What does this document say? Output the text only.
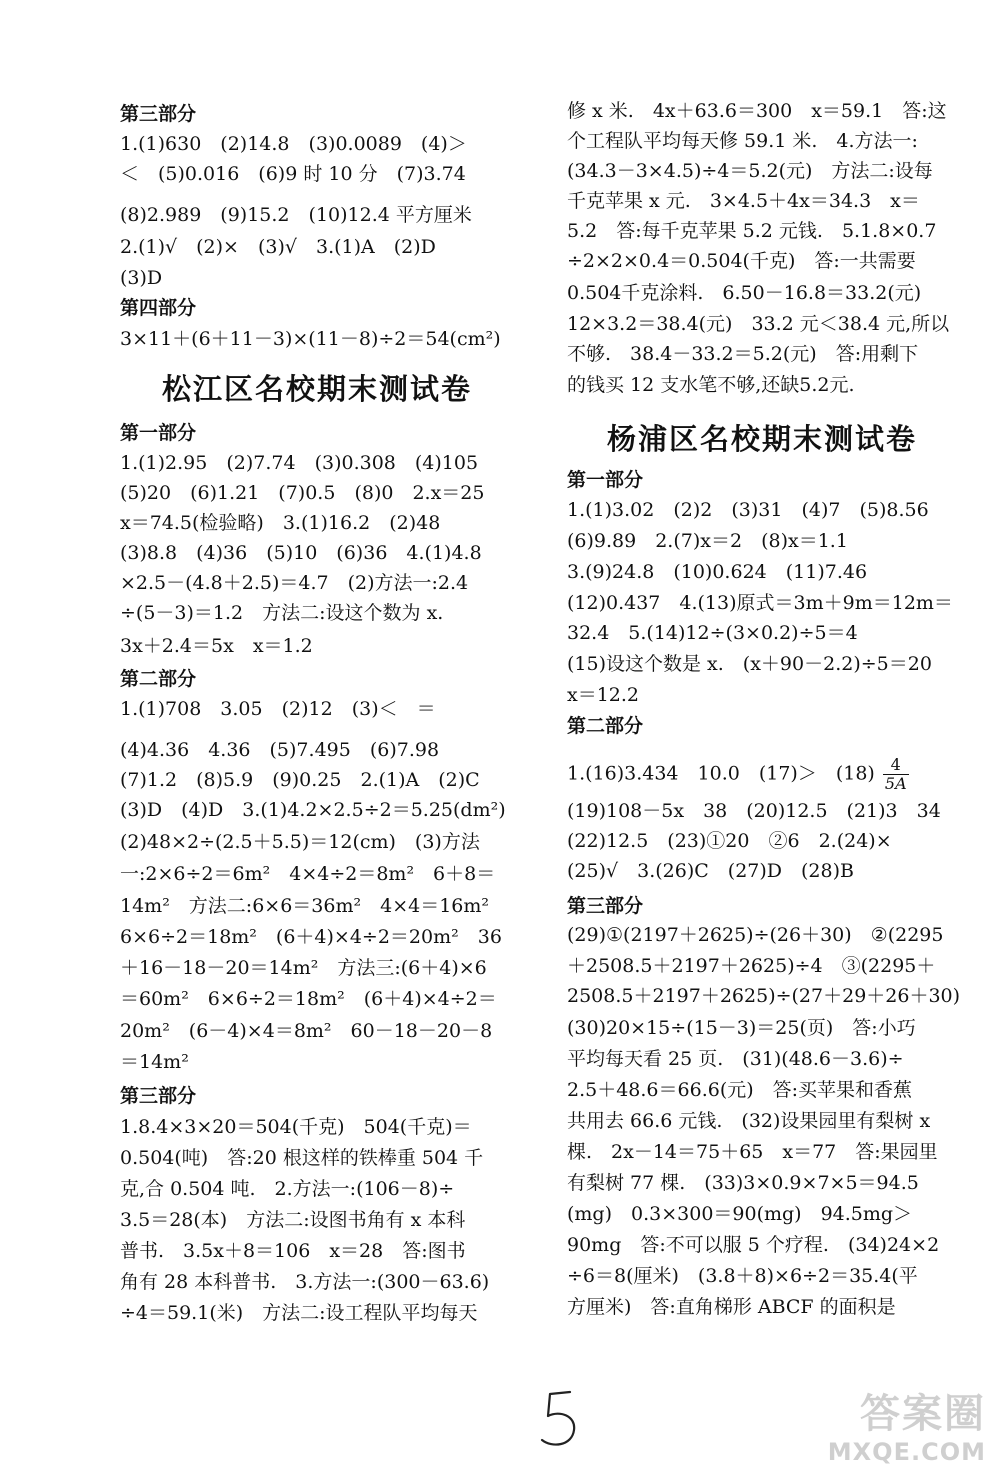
第三部分
1.(1)630　(2)14.8　(3)0.0089　(4)＞
＜　(5)0.016　(6)9 时 10 分　(7)3.74
(8)2.989　(9)15.2　(10)12.4 平方厘米
2.(1)√　(2)×　(3)√　3.(1)A　(2)D
(3)D
第四部分
3×11＋(6＋11－3)×(11－8)÷2＝54(cm²)
松江区名校期末测试卷
第一部分
1.(1)2.95　(2)7.74　(3)0.308　(4)105
(5)20　(6)1.21　(7)0.5　(8)0　2.x＝25
x＝74.5(检验略)　3.(1)16.2　(2)48
(3)8.8　(4)36　(5)10　(6)36　4.(1)4.8
×2.5－(4.8＋2.5)＝4.7　(2)方法一:2.4
÷(5－3)＝1.2　方法二:设这个数为 x.
3x＋2.4＝5x　x＝1.2
第二部分
1.(1)708　3.05　(2)12　(3)＜　＝
(4)4.36　4.36　(5)7.495　(6)7.98
(7)1.2　(8)5.9　(9)0.25　2.(1)A　(2)C
(3)D　(4)D　3.(1)4.2×2.5÷2＝5.25(dm²)
(2)48×2÷(2.5＋5.5)＝12(cm)　(3)方法
一:2×6÷2＝6m²　4×4÷2＝8m²　6＋8＝
14m²　方法二:6×6＝36m²　4×4＝16m²
6×6÷2＝18m²　(6＋4)×4÷2＝20m²　36
＋16－18－20＝14m²　方法三:(6＋4)×6
＝60m²　6×6÷2＝18m²　(6＋4)×4÷2＝
20m²　(6－4)×4＝8m²　60－18－20－8
＝14m²
第三部分
1.8.4×3×20＝504(千克)　504(千克)＝
0.504(吨)　答:20 根这样的铁棒重 504 千
克,合 0.504 吨.　2.方法一:(106－8)÷
3.5＝28(本)　方法二:设图书角有 x 本科
普书.　3.5x＋8＝106　x＝28　答:图书
角有 28 本科普书.　3.方法一:(300－63.6)
÷4＝59.1(米)　方法二:设工程队平均每天
修 x 米.　4x＋63.6＝300　x＝59.1　答:这
个工程队平均每天修 59.1 米.　4.方法一:
(34.3－3×4.5)÷4＝5.2(元)　方法二:设每
千克苹果 x 元.　3×4.5＋4x＝34.3　x＝
5.2　答:每千克苹果 5.2 元钱.　5.1.8×0.7
÷2×2×0.4＝0.504(千克)　答:一共需要
0.504千克涂料.　6.50－16.8＝33.2(元)
12×3.2＝38.4(元)　33.2 元＜38.4 元,所以
不够.　38.4－33.2＝5.2(元)　答:用剩下
的钱买 12 支水笔不够,还缺5.2元.
杨浦区名校期末测试卷
第一部分
1.(1)3.02　(2)2　(3)31　(4)7　(5)8.56
(6)9.89　2.(7)x＝2　(8)x＝1.1
3.(9)24.8　(10)0.624　(11)7.46
(12)0.437　4.(13)原式＝3m＋9m＝12m＝
32.4　5.(14)12÷(3×0.2)÷5＝4
(15)设这个数是 x.　(x＋90－2.2)÷5＝20
x＝12.2
第二部分
1.(16)3.434　10.0　(17)＞　$(18) \frac{4}{5A}$
(19)108－5x　38　(20)12.5　(21)3　34
(22)12.5　(23)①20　②6　2.(24)×
(25)√　3.(26)C　(27)D　(28)B
第三部分
(29)①(2197＋2625)÷(26＋30)　②(2295
＋2508.5＋2197＋2625)÷4　③(2295＋
2508.5＋2197＋2625)÷(27＋29＋26＋30)
(30)20×15÷(15－3)＝25(页)　答:小巧
平均每天看 25 页.　(31)(48.6－3.6)÷
2.5＋48.6＝66.6(元)　答:买苹果和香蕉
共用去 66.6 元钱.　(32)设果园里有梨树 x
棵.　2x－14＝75＋65　x＝77　答:果园里
有梨树 77 棵.　(33)3×0.9×7×5＝94.5
(mg)　0.3×300＝90(mg)　94.5mg＞
90mg　答:不可以服 5 个疗程.　(34)24×2
÷6＝8(厘米)　(3.8＋8)×6÷2＝35.4(平
方厘米)　答:直角梯形 ABCF 的面积是
答案圈
MXQE.COM
